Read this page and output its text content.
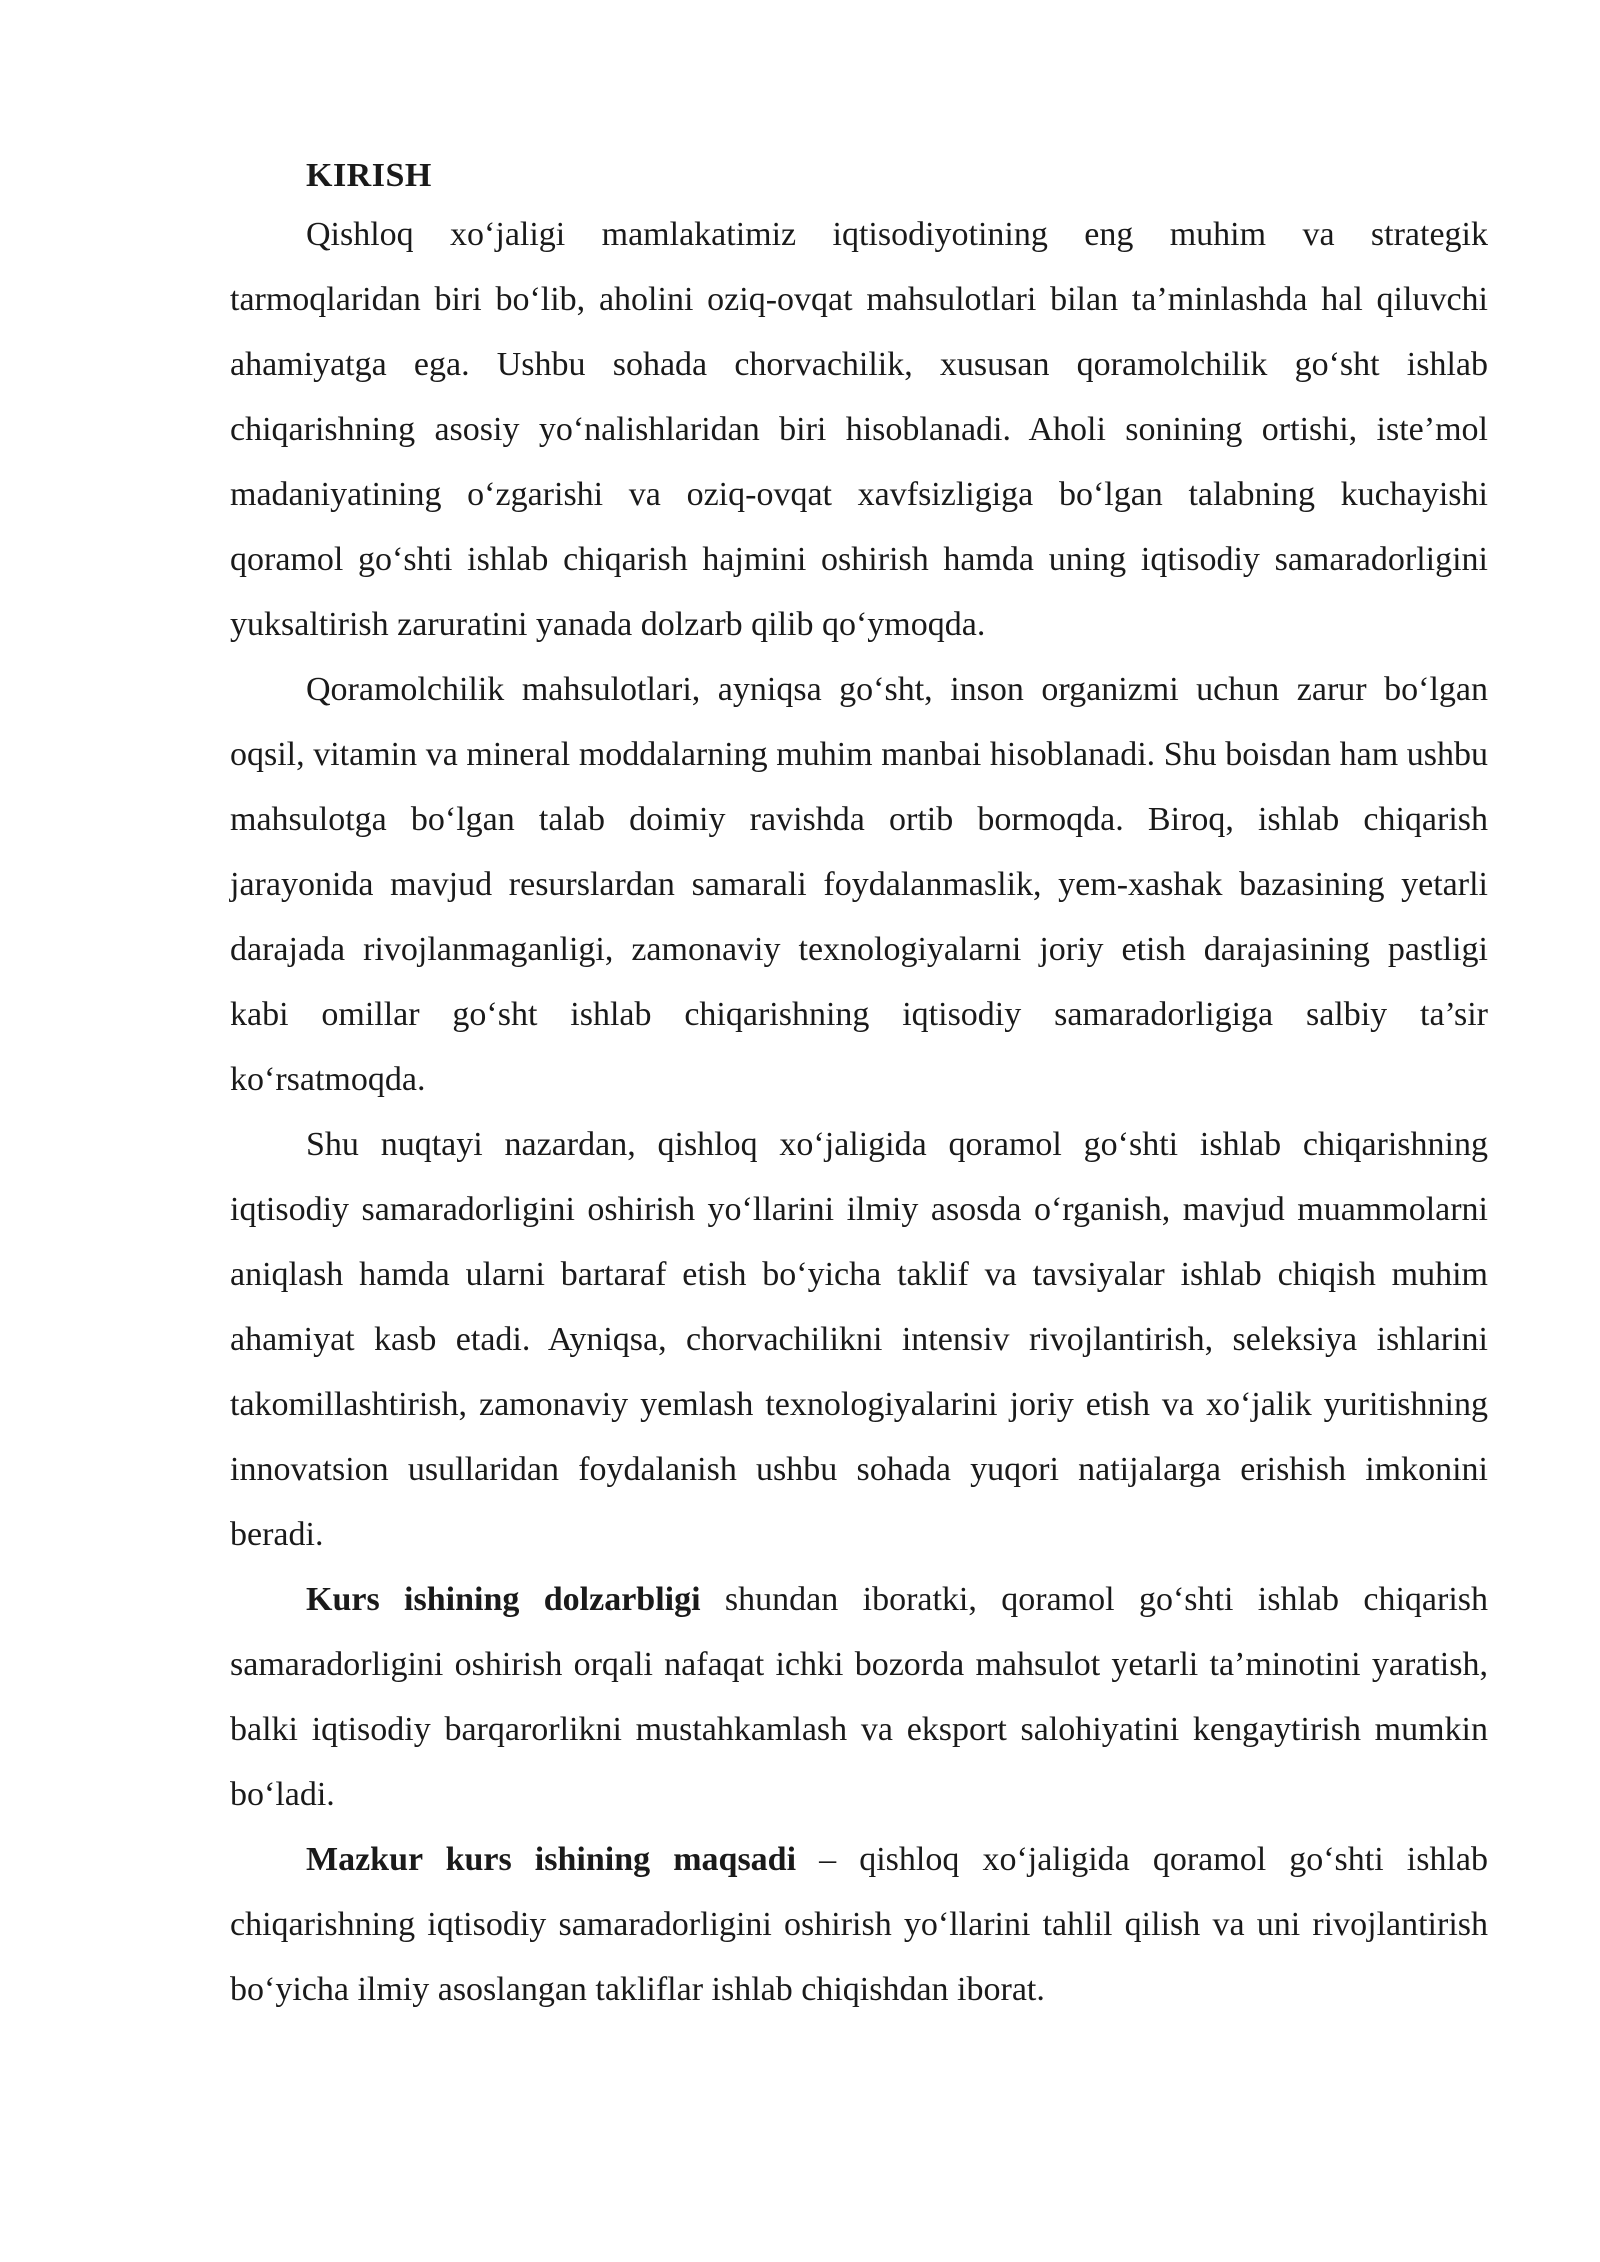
KIRISH

Qishloq xo‘jaligi mamlakatimiz iqtisodiyotining eng muhim va strategik tarmoqlaridan biri bo‘lib, aholini oziq-ovqat mahsulotlari bilan ta’minlashda hal qiluvchi ahamiyatga ega. Ushbu sohada chorvachilik, xususan qoramolchilik go‘sht ishlab chiqarishning asosiy yo‘nalishlaridan biri hisoblanadi. Aholi sonining ortishi, iste’mol madaniyatining o‘zgarishi va oziq-ovqat xavfsizligiga bo‘lgan talabning kuchayishi qoramol go‘shti ishlab chiqarish hajmini oshirish hamda uning iqtisodiy samaradorligini yuksaltirish zaruratini yanada dolzarb qilib qo‘ymoqda.

Qoramolchilik mahsulotlari, ayniqsa go‘sht, inson organizmi uchun zarur bo‘lgan oqsil, vitamin va mineral moddalarning muhim manbai hisoblanadi. Shu boisdan ham ushbu mahsulotga bo‘lgan talab doimiy ravishda ortib bormoqda. Biroq, ishlab chiqarish jarayonida mavjud resurslardan samarali foydalanmaslik, yem-xashak bazasining yetarli darajada rivojlanmaganligi, zamonaviy texnologiyalarni joriy etish darajasining pastligi kabi omillar go‘sht ishlab chiqarishning iqtisodiy samaradorligiga salbiy ta’sir ko‘rsatmoqda.

Shu nuqtayi nazardan, qishloq xo‘jaligida qoramol go‘shti ishlab chiqarishning iqtisodiy samaradorligini oshirish yo‘llarini ilmiy asosda o‘rganish, mavjud muammolarni aniqlash hamda ularni bartaraf etish bo‘yicha taklif va tavsiyalar ishlab chiqish muhim ahamiyat kasb etadi. Ayniqsa, chorvachilikni intensiv rivojlantirish, seleksiya ishlarini takomillashtirish, zamonaviy yemlash texnologiyalarini joriy etish va xo‘jalik yuritishning innovatsion usullaridan foydalanish ushbu sohada yuqori natijalarga erishish imkonini beradi.

Kurs ishining dolzarbligi shundan iboratki, qoramol go‘shti ishlab chiqarish samaradorligini oshirish orqali nafaqat ichki bozorda mahsulot yetarli ta’minotini yaratish, balki iqtisodiy barqarorlikni mustahkamlash va eksport salohiyatini kengaytirish mumkin bo‘ladi.

Mazkur kurs ishining maqsadi – qishloq xo‘jaligida qoramol go‘shti ishlab chiqarishning iqtisodiy samaradorligini oshirish yo‘llarini tahlil qilish va uni rivojlantirish bo‘yicha ilmiy asoslangan takliflar ishlab chiqishdan iborat.
